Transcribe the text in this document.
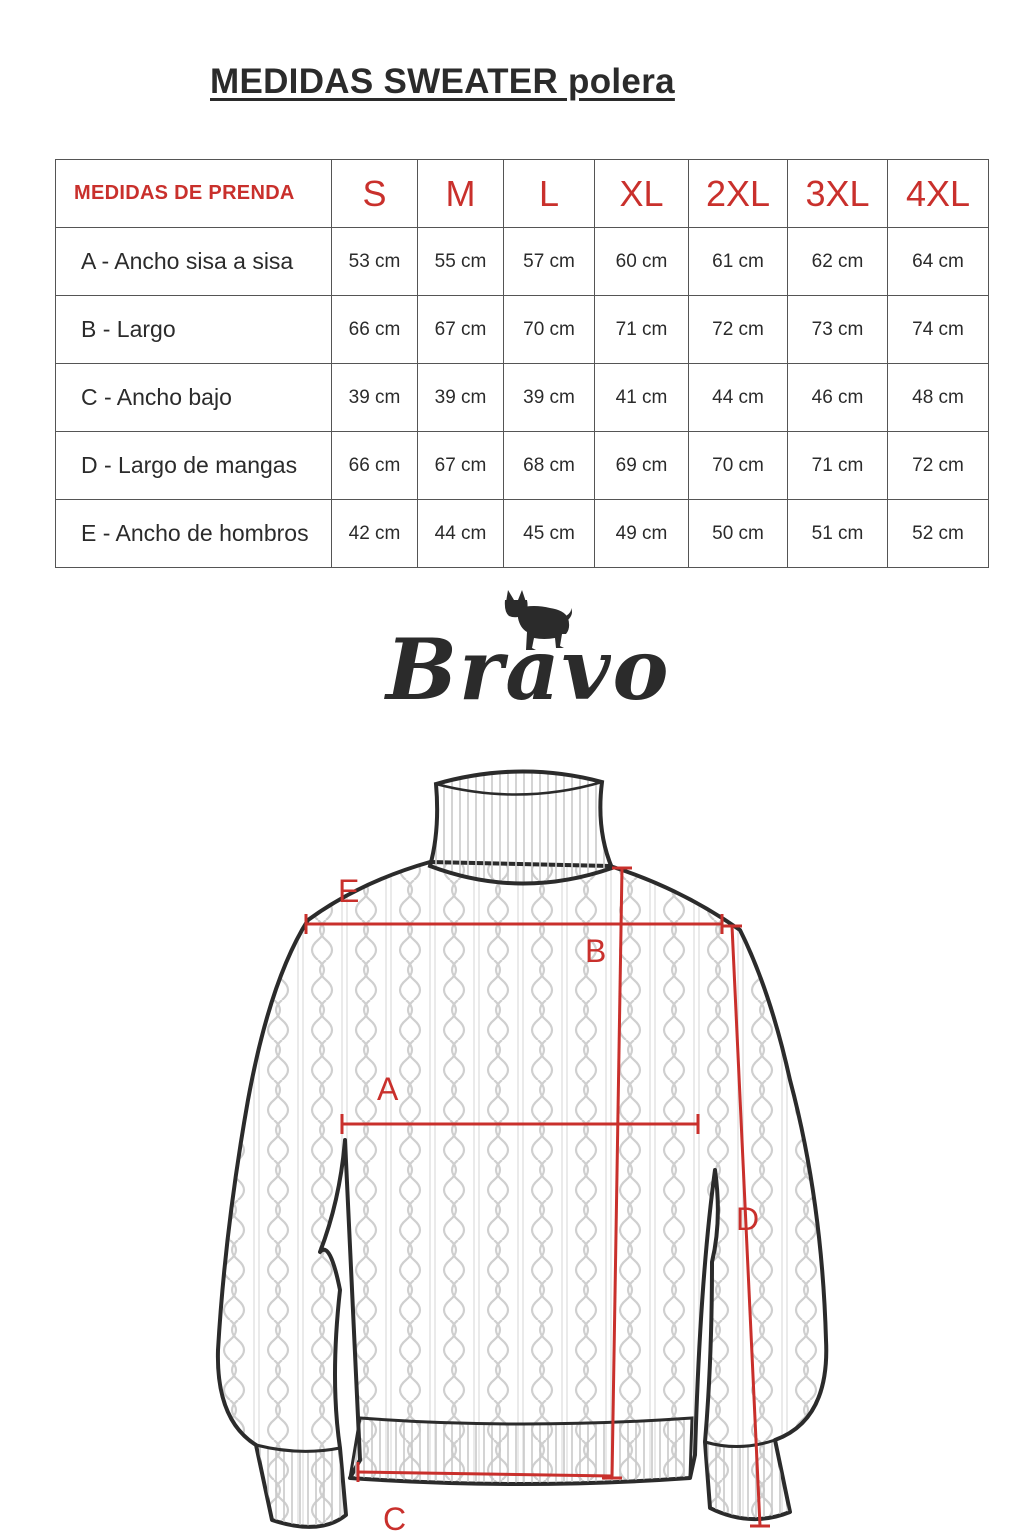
MEDIDAS SWEATER polera
MEDIDAS DE PRENDA	S	M	L	XL	2XL	3XL	4XL
A - Ancho sisa a sisa	53 cm	55 cm	57 cm	60 cm	61 cm	62 cm	64 cm
B - Largo	66 cm	67 cm	70 cm	71 cm	72 cm	73 cm	74 cm
C - Ancho bajo	39 cm	39 cm	39 cm	41 cm	44 cm	46 cm	48 cm
D - Largo de mangas	66 cm	67 cm	68 cm	69 cm	70 cm	71 cm	72 cm
E - Ancho de hombros	42 cm	44 cm	45 cm	49 cm	50 cm	51 cm	52 cm
Bravo
E
B
A
D
C
